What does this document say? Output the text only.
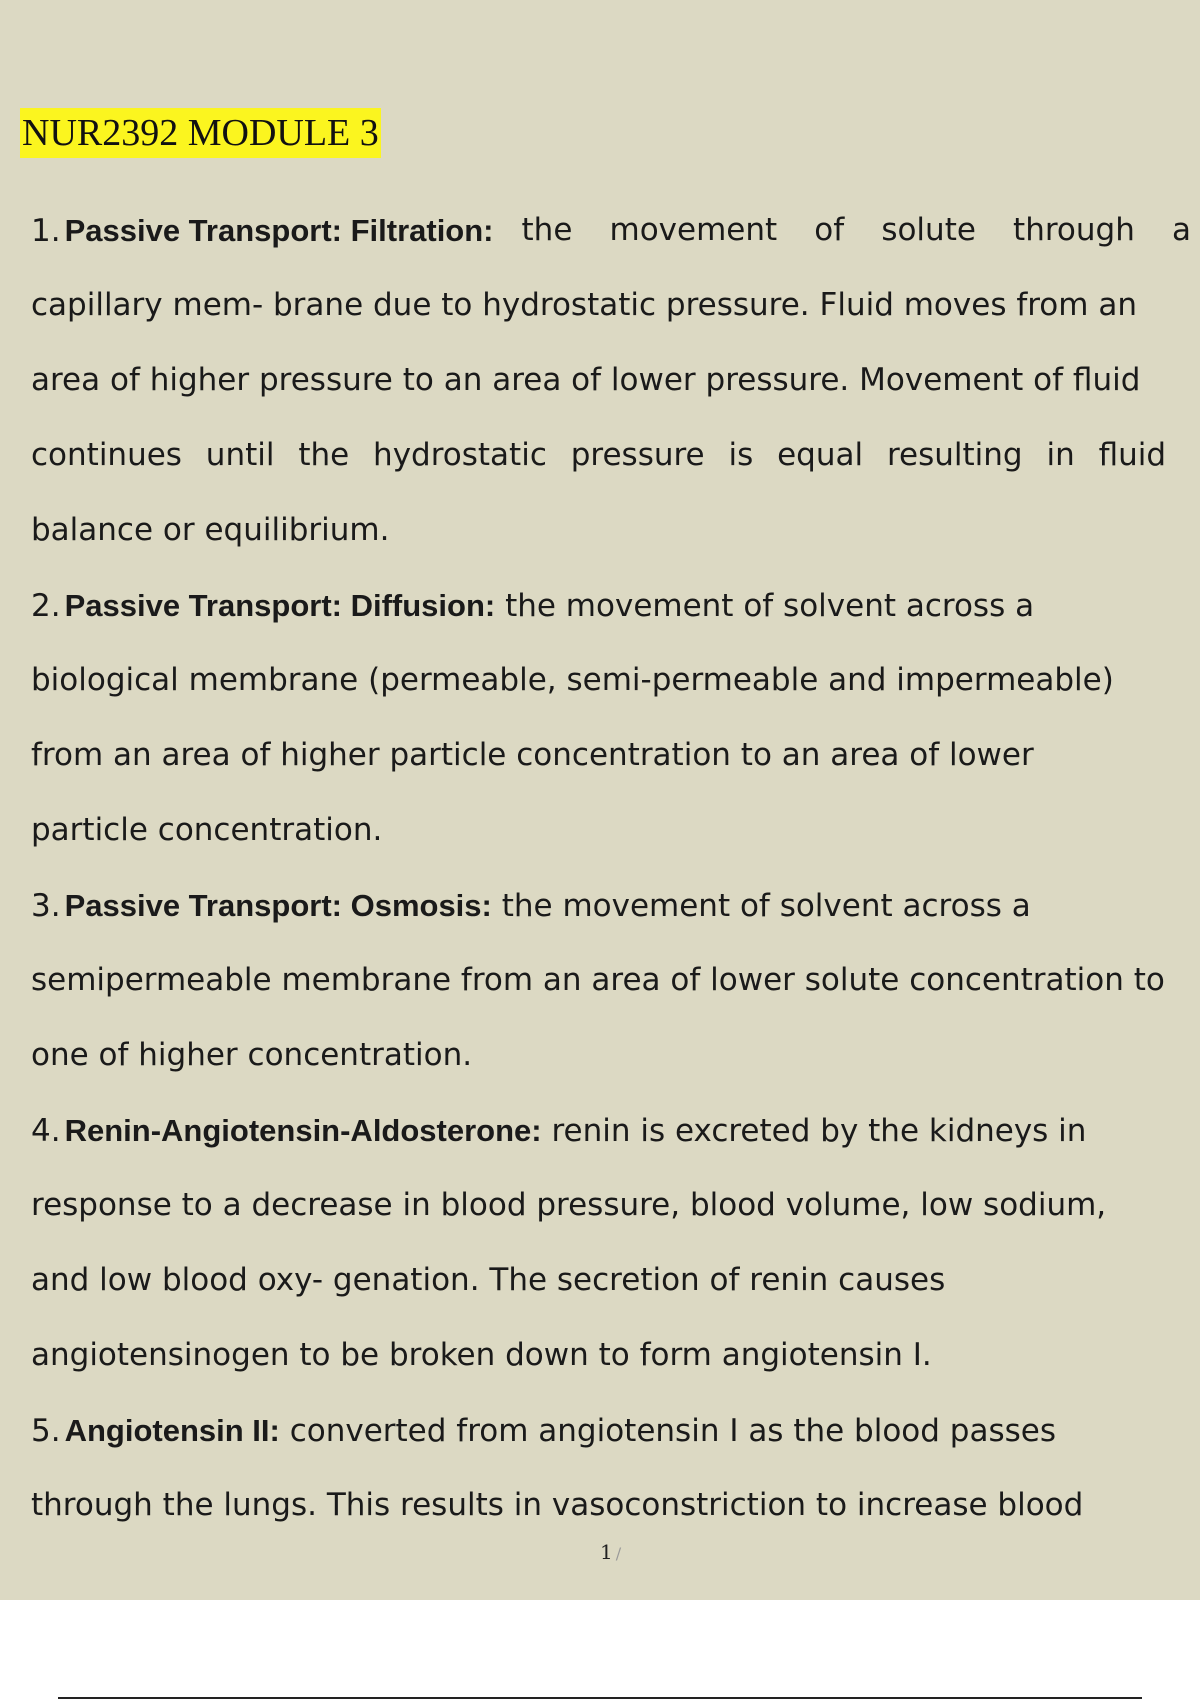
NUR2392 MODULE 3
1. Passive Transport: Filtration: the movement of solute through a
capillary mem- brane due to hydrostatic pressure. Fluid moves from an
area of higher pressure to an area of lower pressure. Movement of fluid
continues until the hydrostatic pressure is equal resulting in fluid
balance or equilibrium.
2. Passive Transport: Diffusion: the movement of solvent across a
biological membrane (permeable, semi-permeable and impermeable)
from an area of higher particle concentration to an area of lower
particle concentration.
3. Passive Transport: Osmosis: the movement of solvent across a
semipermeable membrane from an area of lower solute concentration to
one of higher concentration.
4. Renin-Angiotensin-Aldosterone: renin is excreted by the kidneys in
response to a decrease in blood pressure, blood volume, low sodium,
and low blood oxy- genation. The secretion of renin causes
angiotensinogen to be broken down to form angiotensin I.
5. Angiotensin II: converted from angiotensin I as the blood passes
through the lungs. This results in vasoconstriction to increase blood
1 /
